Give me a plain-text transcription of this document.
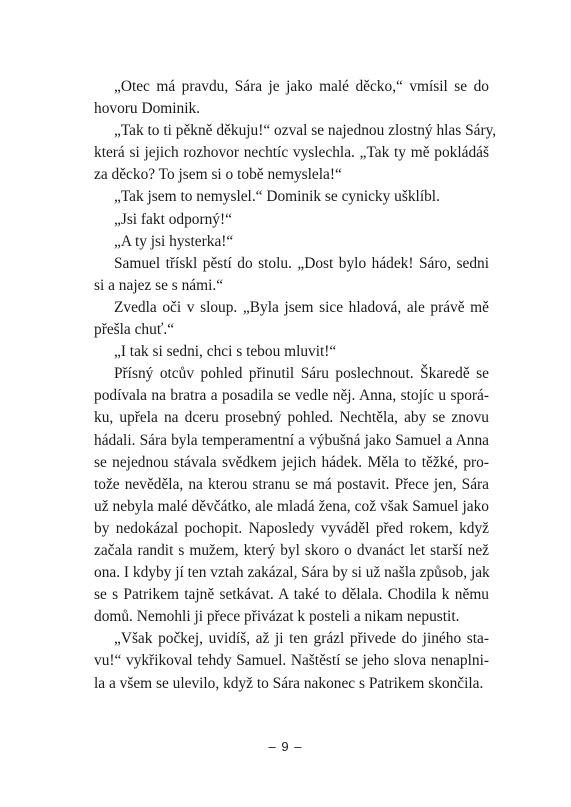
„Otec má pravdu, Sára je jako malé děcko,“ vmísil se do
hovoru Dominik.
„Tak to ti pěkně děkuju!“ ozval se najednou zlostný hlas Sáry,
která si jejich rozhovor nechtíc vyslechla. „Tak ty mě pokládáš
za děcko? To jsem si o tobě nemyslela!“
„Tak jsem to nemyslel.“ Dominik se cynicky ušklíbl.
„Jsi fakt odporný!“
„A ty jsi hysterka!“
Samuel třískl pěstí do stolu. „Dost bylo hádek! Sáro, sedni
si a najez se s námi.“
Zvedla oči v sloup. „Byla jsem sice hladová, ale právě mě
přešla chuť.“
„I tak si sedni, chci s tebou mluvit!“
Přísný otcův pohled přinutil Sáru poslechnout. Škaredě se
podívala na bratra a posadila se vedle něj. Anna, stojíc u sporá-
ku, upřela na dceru prosebný pohled. Nechtěla, aby se znovu
hádali. Sára byla temperamentní a výbušná jako Samuel a Anna
se nejednou stávala svědkem jejich hádek. Měla to těžké, pro-
tože nevěděla, na kterou stranu se má postavit. Přece jen, Sára
už nebyla malé děvčátko, ale mladá žena, což však Samuel jako
by nedokázal pochopit. Naposledy vyváděl před rokem, když
začala randit s mužem, který byl skoro o dvanáct let starší než
ona. I kdyby jí ten vztah zakázal, Sára by si už našla způsob, jak
se s Patrikem tajně setkávat. A také to dělala. Chodila k němu
domů. Nemohli ji přece přivázat k posteli a nikam nepustit.
„Však počkej, uvidíš, až ji ten grázl přivede do jiného sta-
vu!“ vykřikoval tehdy Samuel. Naštěstí se jeho slova nenaplni-
la a všem se ulevilo, když to Sára nakonec s Patrikem skončila.
– 9 –
